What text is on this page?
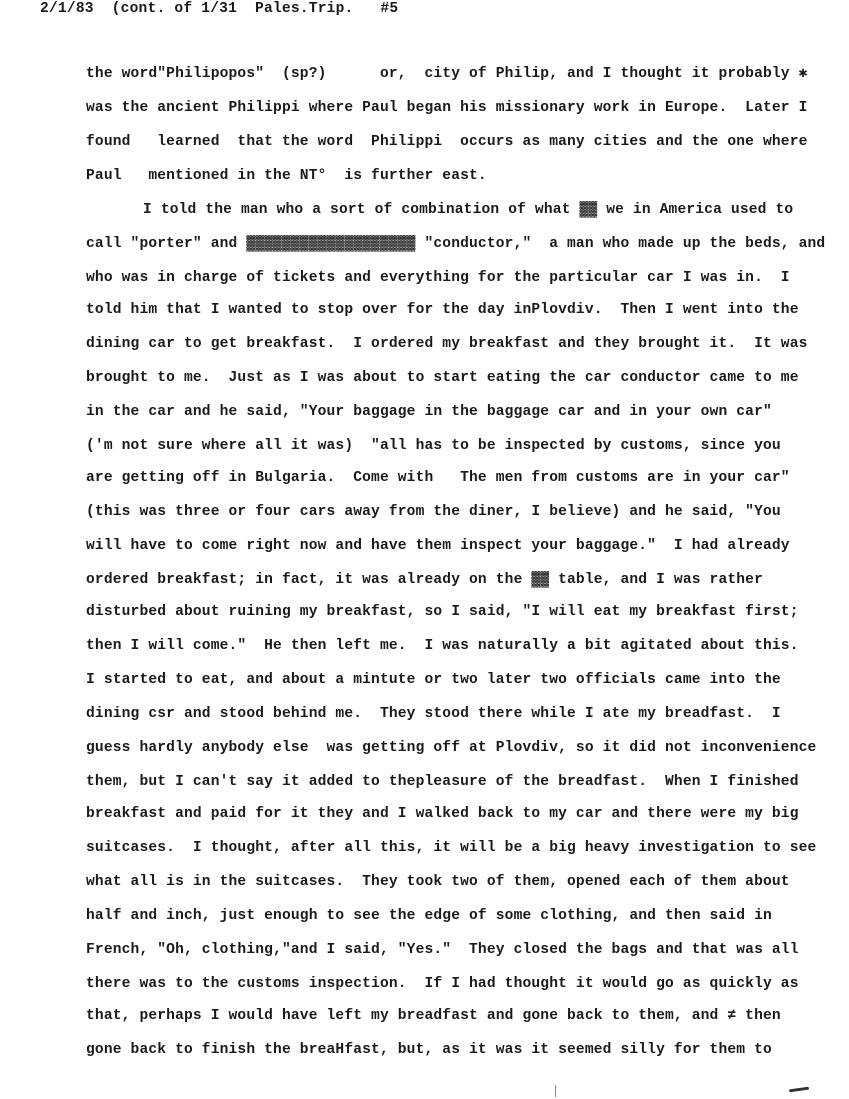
2/1/83  (cont. of 1/31  Pales.Trip.   #5
the word"Philipopos"  (sp?)      or,  city of Philip, and I thought it probably ✱
was the ancient Philippi where Paul began his missionary work in Europe.  Later I
found   learned  that the word  Philippi  occurs as many cities and the one where
Paul   mentioned in the NT°  is further east.
I told the man who a sort of combination of what ▓▓ we in America used to
call "porter" and ▓▓▓▓▓▓▓▓▓▓▓▓▓▓▓▓▓▓▓ "conductor,"  a man who made up the beds, and
who was in charge of tickets and everything for the particular car I was in.  I
told him that I wanted to stop over for the day inPlovdiv.  Then I went into the
dining car to get breakfast.  I ordered my breakfast and they brought it.  It was
brought to me.  Just as I was about to start eating the car conductor came to me
in the car and he said, "Your baggage in the baggage car and in your own car"
('m not sure where all it was)  "all has to be inspected by customs, since you
are getting off in Bulgaria.  Come with   The men from customs are in your car"
(this was three or four cars away from the diner, I believe) and he said, "You
will have to come right now and have them inspect your baggage."  I had already
ordered breakfast; in fact, it was already on the ▓▓ table, and I was rather
disturbed about ruining my breakfast, so I said, "I will eat my breakfast first;
then I will come."  He then left me.  I was naturally a bit agitated about this.
I started to eat, and about a mintute or two later two officials came into the
dining csr and stood behind me.  They stood there while I ate my breadfast.  I
guess hardly anybody else  was getting off at Plovdiv, so it did not inconvenience
them, but I can't say it added to thepleasure of the breadfast.  When I finished
breakfast and paid for it they and I walked back to my car and there were my big
suitcases.  I thought, after all this, it will be a big heavy investigation to see
what all is in the suitcases.  They took two of them, opened each of them about
half and inch, just enough to see the edge of some clothing, and then said in
French, "Oh, clothing,"and I said, "Yes."  They closed the bags and that was all
there was to the customs inspection.  If I had thought it would go as quickly as
that, perhaps I would have left my breadfast and gone back to them, and ≠ then
gone back to finish the breaHfast, but, as it was it seemed silly for them to
